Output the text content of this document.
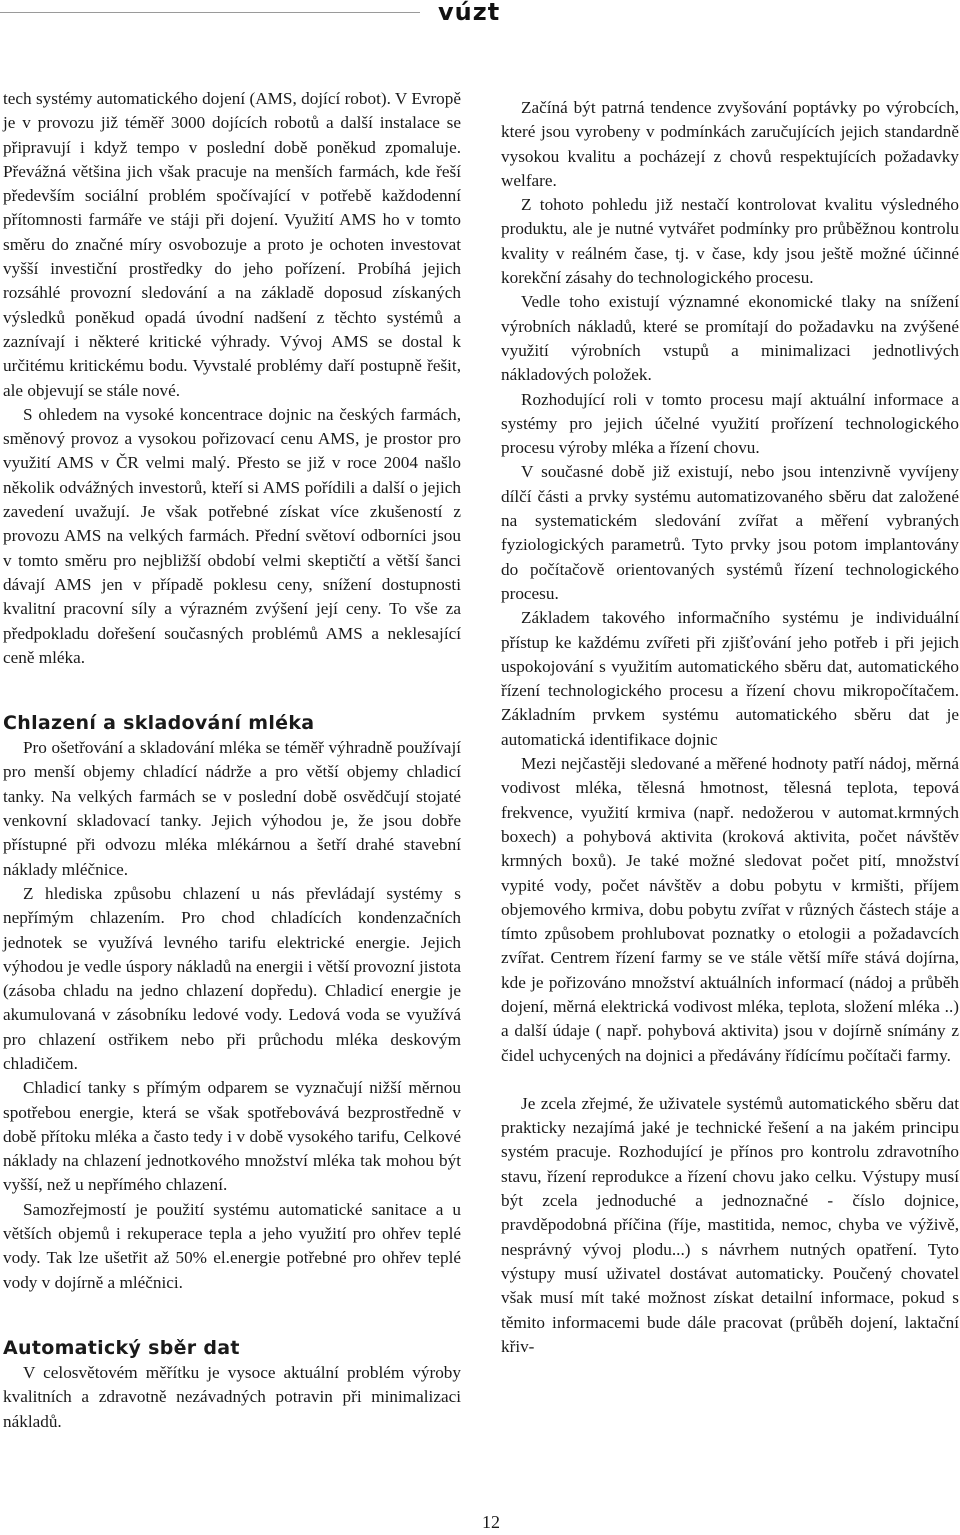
vúzt

tech systémy automatického dojení (AMS, dojící robot). V Evropě je v provozu již téměř 3000 dojících robotů a další instalace se připravují i když tempo v poslední době poněkud zpomaluje. Převážná většina jich však pracuje na menších farmách, kde řeší především sociální problém spočívající v potřebě každodenní přítomnosti farmáře ve stáji při dojení. Využití AMS ho v tomto směru do značné míry osvobozuje a proto je ochoten investovat vyšší investiční prostředky do jeho pořízení. Probíhá jejich rozsáhlé provozní sledování a na základě doposud získaných výsledků poněkud opadá úvodní nadšení z těchto systémů a zaznívají i některé kritické výhrady. Vývoj AMS se dostal k určitému kritickému bodu. Vyvstalé problémy daří postupně řešit, ale objevují se stále nové.

S ohledem na vysoké koncentrace dojnic na českých farmách, směnový provoz a vysokou pořizovací cenu AMS, je prostor pro využití AMS v ČR velmi malý. Přesto se již v roce 2004 našlo několik odvážných investorů, kteří si AMS pořídili a další o jejich zavedení uvažují. Je však potřebné získat více zkušeností z provozu AMS na velkých farmách. Přední světoví odborníci jsou v tomto směru pro nejbližší období velmi skeptičtí a větší šanci dávají AMS jen v případě poklesu ceny, snížení dostupnosti kvalitní pracovní síly a výrazném zvýšení její ceny. To vše za předpokladu dořešení současných problémů AMS a neklesající ceně mléka.

Chlazení a skladování mléka

Pro ošetřování a skladování mléka se téměř výhradně používají pro menší objemy chladící nádrže a pro větší objemy chladicí tanky. Na velkých farmách se v poslední době osvědčují stojaté venkovní skladovací tanky. Jejich výhodou je, že jsou dobře přístupné při odvozu mléka mlékárnou a šetří drahé stavební náklady mléčnice.

Z hlediska způsobu chlazení u nás převládají systémy s nepřímým chlazením. Pro chod chladících kondenzačních jednotek se využívá levného tarifu elektrické energie. Jejich výhodou je vedle úspory nákladů na energii i větší provozní jistota (zásoba chladu na jedno chlazení dopředu). Chladicí energie je akumulovaná v zásobníku ledové vody. Ledová voda se využívá pro chlazení ostřikem nebo při průchodu mléka deskovým chladičem.

Chladicí tanky s přímým odparem se vyznačují nižší měrnou spotřebou energie, která se však spotřebovává bezprostředně v době přítoku mléka a často tedy i v době vysokého tarifu, Celkové náklady na chlazení jednotkového množství mléka tak mohou být vyšší, než u nepřímého chlazení.

Samozřejmostí je použití systému automatické sanitace a u větších objemů i rekuperace tepla a jeho využití pro ohřev teplé vody. Tak lze ušetřit až 50% el.energie potřebné pro ohřev teplé vody v dojírně a mléčnici.

Automatický sběr dat

V celosvětovém měřítku je vysoce aktuální problém výroby kvalitních a zdravotně nezávadných potravin při minimalizaci nákladů.

Začíná být patrná tendence zvyšování poptávky po výrobcích, které jsou vyrobeny v podmínkách zaručujících jejich standardně vysokou kvalitu a pocházejí z chovů respektujících požadavky welfare.

Z tohoto pohledu již nestačí kontrolovat kvalitu výsledného produktu, ale je nutné vytvářet podmínky pro průběžnou kontrolu kvality v reálném čase, tj. v čase, kdy jsou ještě možné účinné korekční zásahy do technologického procesu.

Vedle toho existují významné ekonomické tlaky na snížení výrobních nákladů, které se promítají do požadavku na zvýšené využití výrobních vstupů a minimalizaci jednotlivých nákladových položek.

Rozhodující roli v tomto procesu mají aktuální informace a systémy pro jejich účelné využití prořízení technologického procesu výroby mléka a řízení chovu.

V současné době již existují, nebo jsou intenzivně vyvíjeny dílčí části a prvky systému automatizovaného sběru dat založené na systematickém sledování zvířat a měření vybraných fyziologických parametrů. Tyto prvky jsou potom implantovány do počítačově orientovaných systémů řízení technologického procesu.

Základem takového informačního systému je individuální přístup ke každému zvířeti při zjišťování jeho potřeb i při jejich uspokojování s využitím automatického sběru dat, automatického řízení technologického procesu a řízení chovu mikropočítačem. Základním prvkem systému automatického sběru dat je automatická identifikace dojnic

Mezi nejčastěji sledované a měřené hodnoty patří nádoj, měrná vodivost mléka, tělesná hmotnost, tělesná teplota, tepová frekvence, využití krmiva (např. nedožerou v automat.krmných boxech) a pohybová aktivita (kroková aktivita, počet návštěv krmných boxů). Je také možné sledovat počet pití, množství vypité vody, počet návštěv a dobu pobytu v krmišti, příjem objemového krmiva, dobu pobytu zvířat v různých částech stáje a tímto způsobem prohlubovat poznatky o etologii a požadavcích zvířat. Centrem řízení farmy se ve stále větší míře stává dojírna, kde je pořizováno množství aktuálních informací (nádoj a průběh dojení, měrná elektrická vodivost mléka, teplota, složení mléka ..) a další údaje ( např. pohybová aktivita) jsou v dojírně snímány z čidel uchycených na dojnici a předávány řídícímu počítači farmy.

Je zcela zřejmé, že uživatele systémů automatického sběru dat prakticky nezajímá jaké je technické řešení a na jakém principu systém pracuje. Rozhodující je přínos pro kontrolu zdravotního stavu, řízení reprodukce a řízení chovu jako celku. Výstupy musí být zcela jednoduché a jednoznačné - číslo dojnice, pravděpodobná příčina (říje, mastitida, nemoc, chyba ve výživě, nesprávný vývoj plodu...) s návrhem nutných opatření. Tyto výstupy musí uživatel dostávat automaticky. Poučený chovatel však musí mít také možnost získat detailní informace, pokud s těmito informacemi bude dále pracovat (průběh dojení, laktační křiv-

12
